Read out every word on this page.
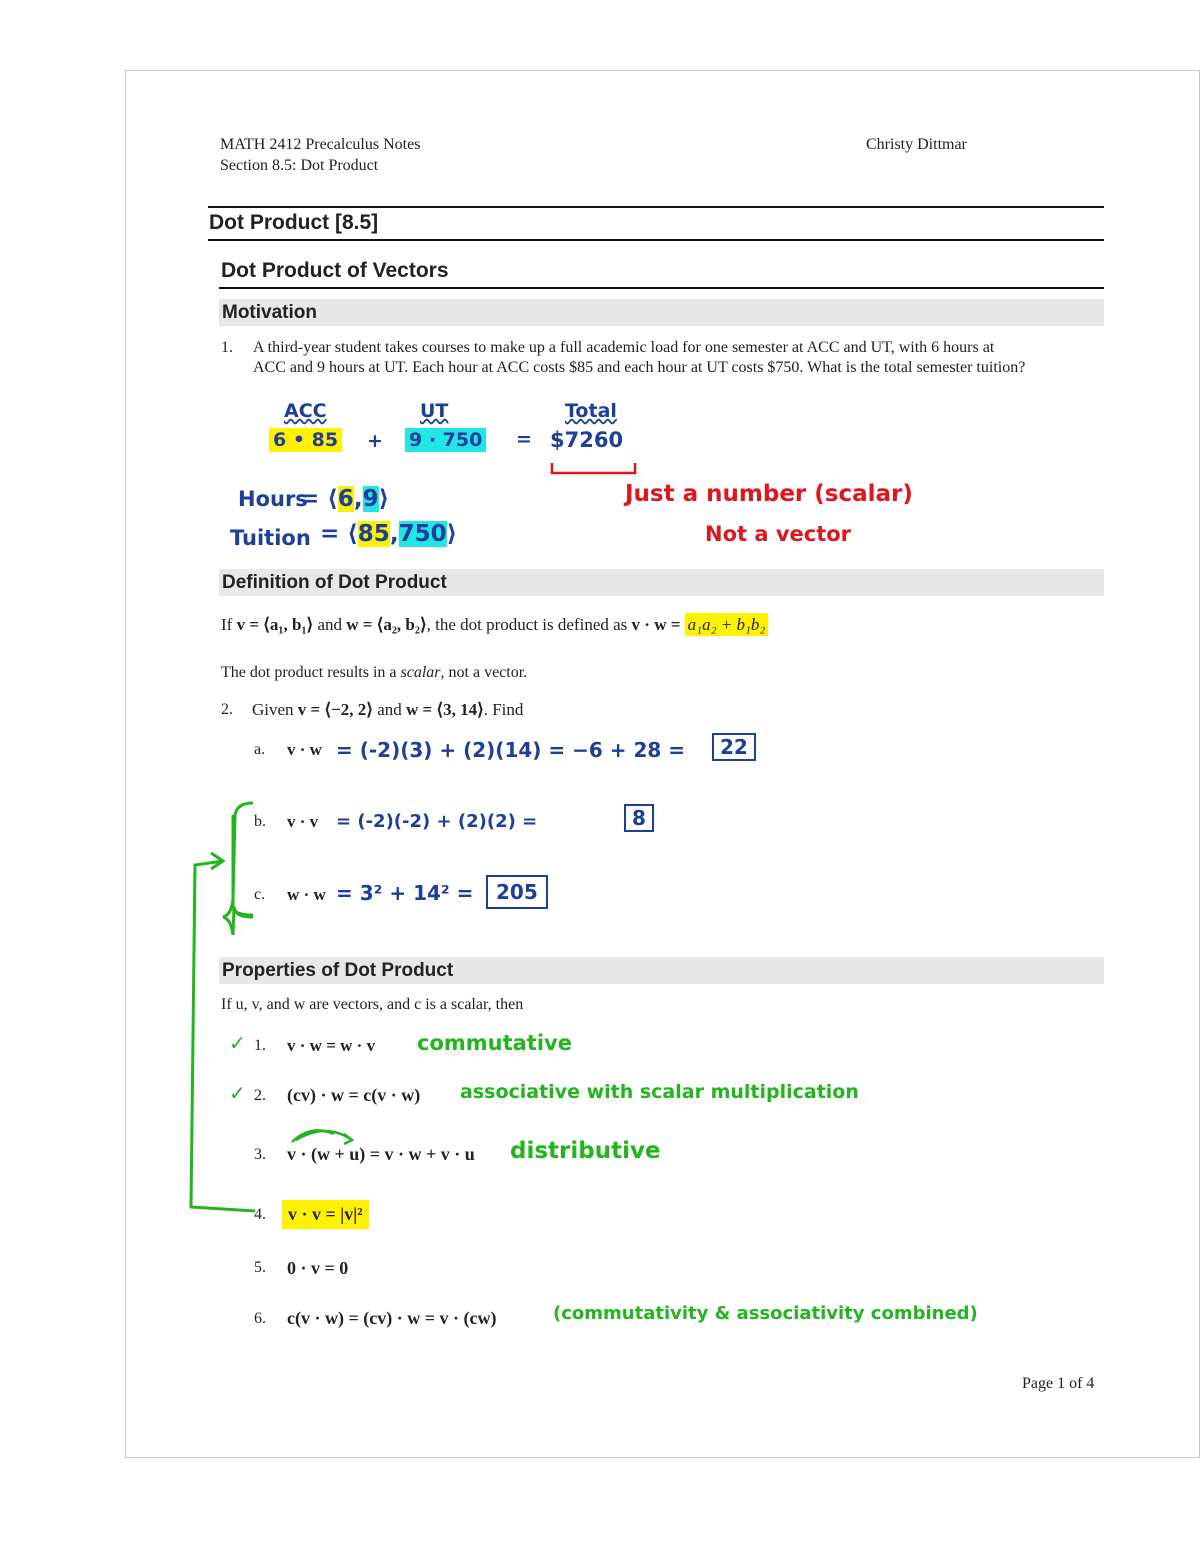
MATH 2412 Precalculus Notes
Section 8.5: Dot Product
Christy Dittmar
Dot Product [8.5]
Dot Product of Vectors
Motivation
1. A third-year student takes courses to make up a full academic load for one semester at ACC and UT, with 6 hours at
ACC and 9 hours at UT. Each hour at ACC costs $85 and each hour at UT costs $750. What is the total semester tuition?
ACC	UT	Total
6 • 85 + 9 · 750 = $7260
Hours
= ⟨6,9⟩
Tuition = ⟨85,750⟩
Just a number (scalar)
Not a vector
Definition of Dot Product
If v = ⟨a₁, b₁⟩ and w = ⟨a₂, b₂⟩, the dot product is defined as v · w = a₁a₂ + b₁b₂
The dot product results in a scalar, not a vector.
2. Given v = ⟨−2, 2⟩ and w = ⟨3, 14⟩. Find
a. v · w = (-2)(3) + (2)(14) = −6 + 28 =	22
b. v · v = (-2)(-2) + (2)(2) =	8
c. w · w = 3² + 14² =	205
Properties of Dot Product
If u, v, and w are vectors, and c is a scalar, then
✓ 1. v · w = w · v commutative
✓ 2. (cv) · w = c(v · w) associative with scalar multiplication
3. v · (w + u) = v · w + v · u distributive
4.	v · v = |v|²
5. 0 · v = 0
6. c(v · w) = (cv) · w = v · (cw)	(commutativity & associativity combined)
Page 1 of 4
